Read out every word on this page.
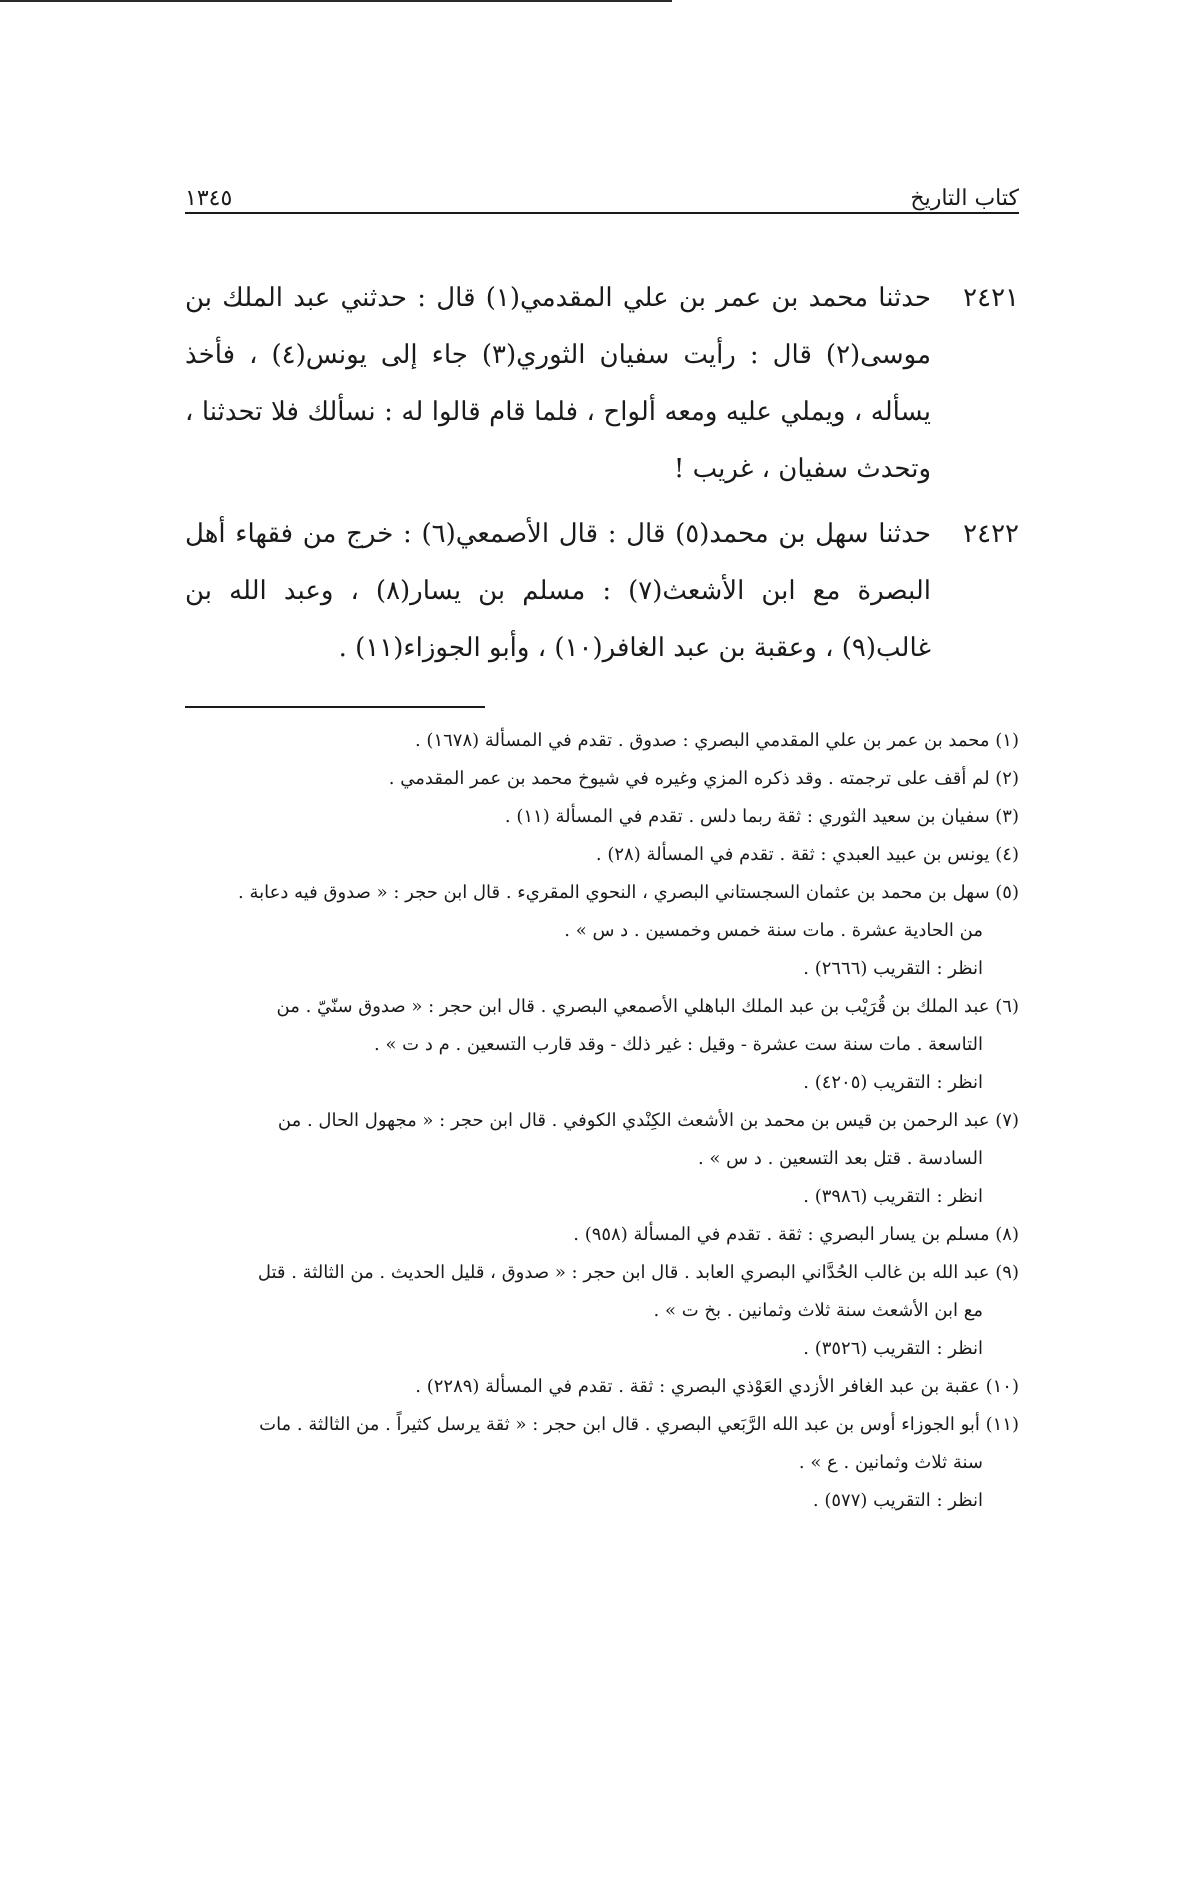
كتاب التاريخ
١٣٤٥
٢٤٢١
حدثنا محمد بن عمر بن علي المقدمي(١) قال : حدثني عبد الملك بن موسى(٢) قال : رأيت سفيان الثوري(٣) جاء إلى يونس(٤) ، فأخذ يسأله ، ويملي عليه ومعه ألواح ، فلما قام قالوا له : نسألك فلا تحدثنا ، وتحدث سفيان ، غريب !
٢٤٢٢
حدثنا سهل بن محمد(٥) قال : قال الأصمعي(٦) : خرج من فقهاء أهل البصرة مع ابن الأشعث(٧) : مسلم بن يسار(٨) ، وعبد الله بن غالب(٩) ، وعقبة بن عبد الغافر(١٠) ، وأبو الجوزاء(١١) .
(١) محمد بن عمر بن علي المقدمي البصري : صدوق . تقدم في المسألة (١٦٧٨) .
(٢) لم أقف على ترجمته . وقد ذكره المزي وغيره في شيوخ محمد بن عمر المقدمي .
(٣) سفيان بن سعيد الثوري : ثقة ربما دلس . تقدم في المسألة (١١) .
(٤) يونس بن عبيد العبدي : ثقة . تقدم في المسألة (٢٨) .
(٥) سهل بن محمد بن عثمان السجستاني البصري ، النحوي المقريء . قال ابن حجر : « صدوق فيه دعابة .
من الحادية عشرة . مات سنة خمس وخمسين . د س » .
انظر : التقريب (٢٦٦٦) .
(٦) عبد الملك بن قُرَيْب بن عبد الملك الباهلي الأصمعي البصري . قال ابن حجر : « صدوق سنّيّ . من
التاسعة . مات سنة ست عشرة - وقيل : غير ذلك - وقد قارب التسعين . م د ت » .
انظر : التقريب (٤٢٠٥) .
(٧) عبد الرحمن بن قيس بن محمد بن الأشعث الكِنْدي الكوفي . قال ابن حجر : « مجهول الحال . من
السادسة . قتل بعد التسعين . د س » .
انظر : التقريب (٣٩٨٦) .
(٨) مسلم بن يسار البصري : ثقة . تقدم في المسألة (٩٥٨) .
(٩) عبد الله بن غالب الحُدَّاني البصري العابد . قال ابن حجر : « صدوق ، قليل الحديث . من الثالثة . قتل
مع ابن الأشعث سنة ثلاث وثمانين . بخ ت » .
انظر : التقريب (٣٥٢٦) .
(١٠) عقبة بن عبد الغافر الأزدي العَوْذي البصري : ثقة . تقدم في المسألة (٢٢٨٩) .
(١١) أبو الجوزاء أوس بن عبد الله الرَّبَعي البصري . قال ابن حجر : « ثقة يرسل كثيراً . من الثالثة . مات
سنة ثلاث وثمانين . ع » .
انظر : التقريب (٥٧٧) .
